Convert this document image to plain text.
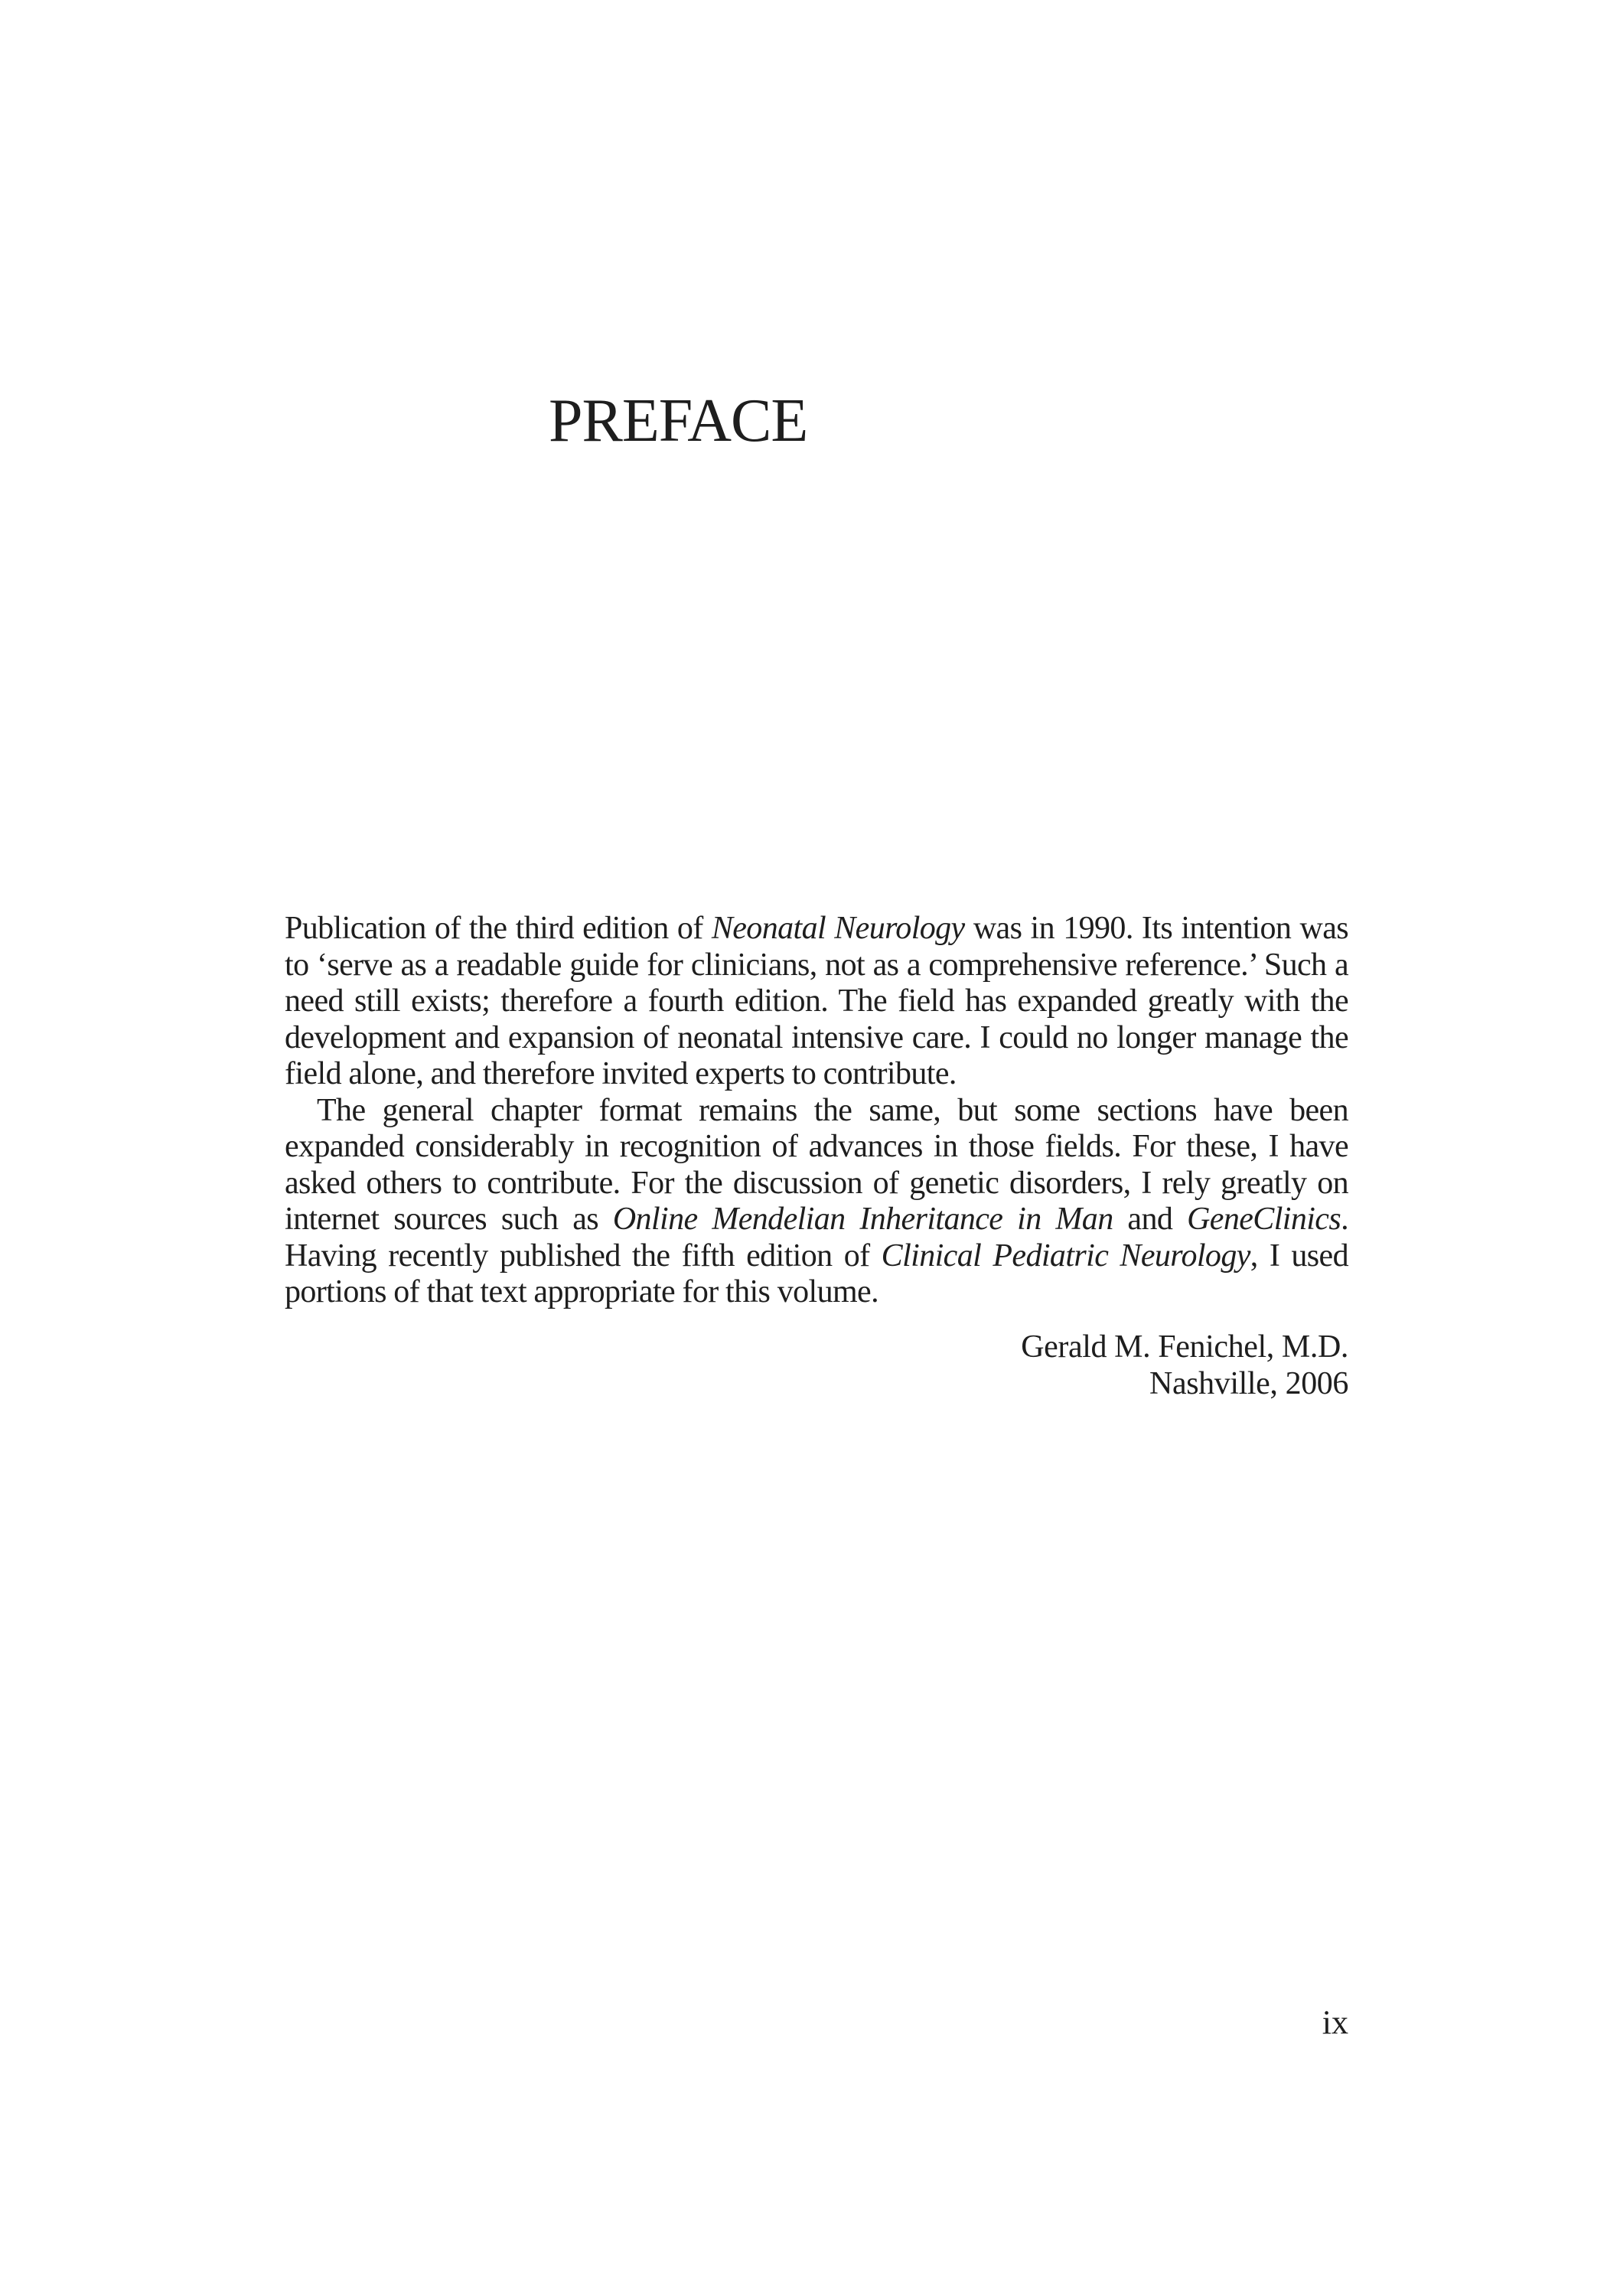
PREFACE

Publication of the third edition of Neonatal Neurology was in 1990. Its intention was to ‘serve as a readable guide for clinicians, not as a comprehensive reference.’ Such a need still exists; therefore a fourth edition. The field has expanded greatly with the development and expansion of neonatal intensive care. I could no longer manage the field alone, and therefore invited experts to contribute.

The general chapter format remains the same, but some sections have been expanded considerably in recognition of advances in those fields. For these, I have asked others to contribute. For the discussion of genetic disorders, I rely greatly on internet sources such as Online Mendelian Inheritance in Man and GeneClinics. Having recently published the fifth edition of Clinical Pediatric Neurology, I used portions of that text appropriate for this volume.

Gerald M. Fenichel, M.D.
Nashville, 2006
ix
